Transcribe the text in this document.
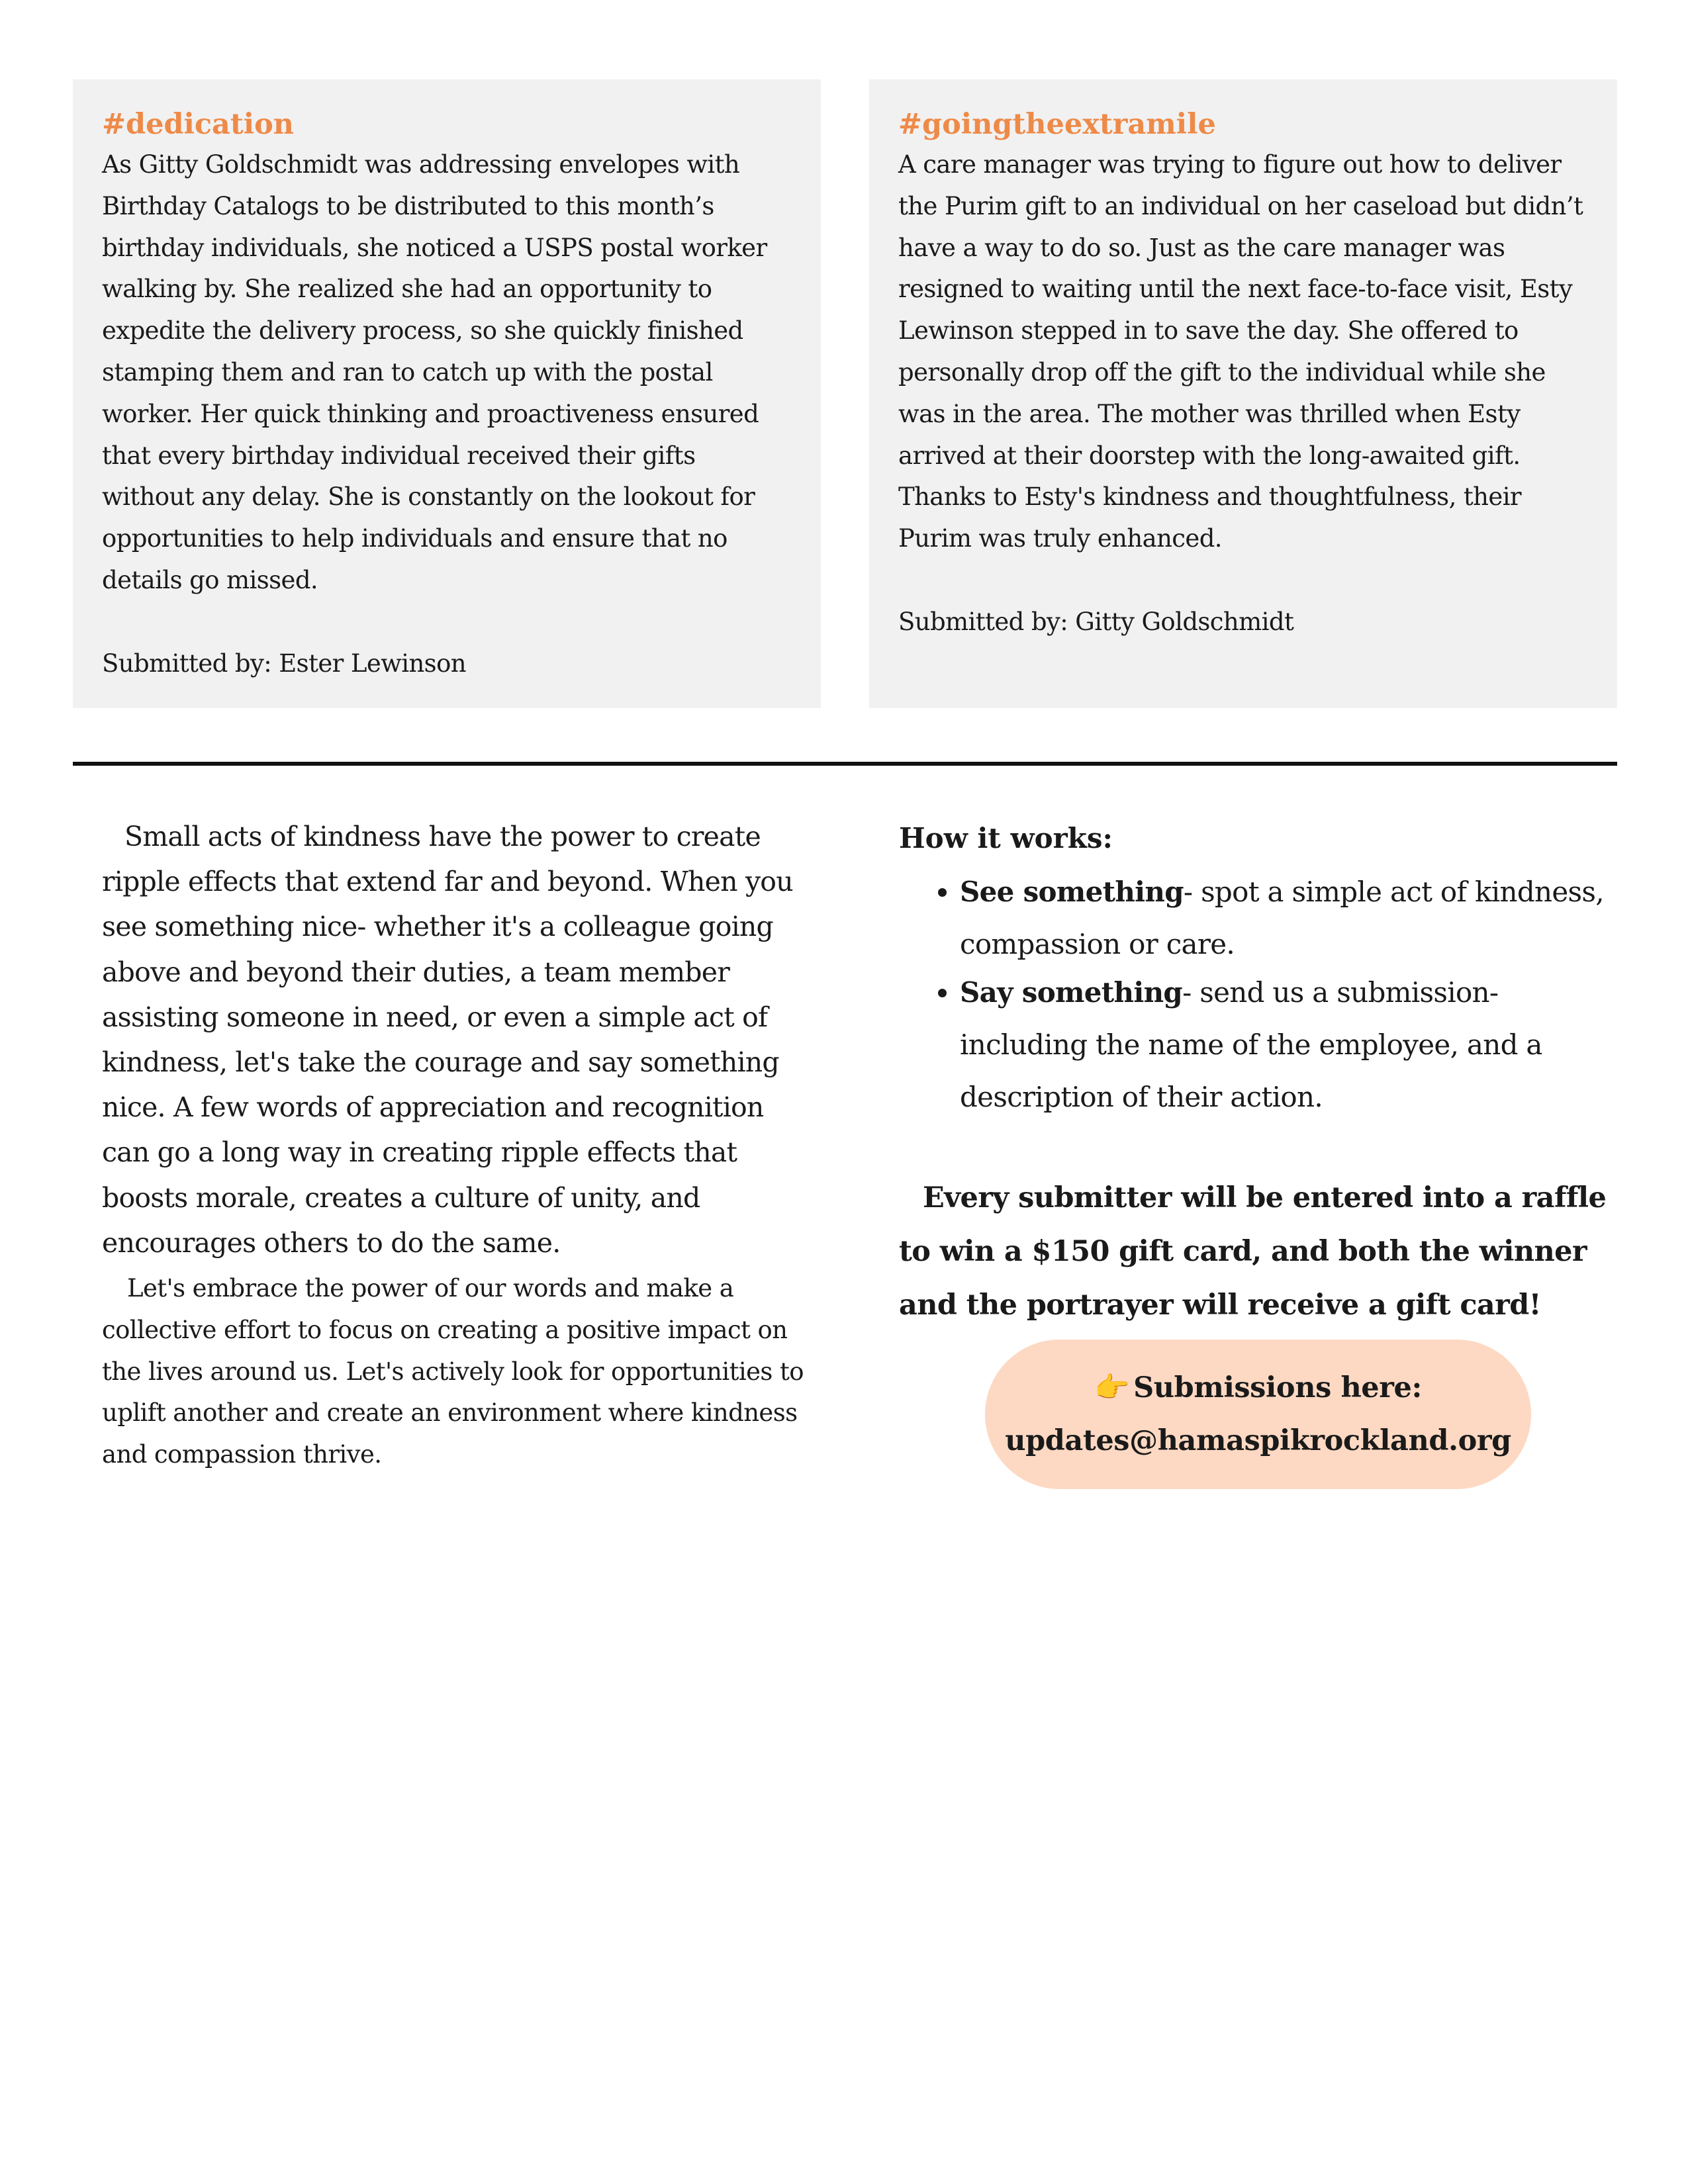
#dedication

As Gitty Goldschmidt was addressing envelopes with Birthday Catalogs to be distributed to this month’s birthday individuals, she noticed a USPS postal worker walking by. She realized she had an opportunity to expedite the delivery process, so she quickly finished stamping them and ran to catch up with the postal worker. Her quick thinking and proactiveness ensured that every birthday individual received their gifts without any delay. She is constantly on the lookout for opportunities to help individuals and ensure that no details go missed.

Submitted by: Ester Lewinson

#goingtheextramile

A care manager was trying to figure out how to deliver the Purim gift to an individual on her caseload but didn’t have a way to do so. Just as the care manager was resigned to waiting until the next face-to-face visit, Esty Lewinson stepped in to save the day. She offered to personally drop off the gift to the individual while she was in the area. The mother was thrilled when Esty arrived at their doorstep with the long-awaited gift. Thanks to Esty's kindness and thoughtfulness, their Purim was truly enhanced.

Submitted by: Gitty Goldschmidt

Small acts of kindness have the power to create ripple effects that extend far and beyond. When you see something nice- whether it's a colleague going above and beyond their duties, a team member assisting someone in need, or even a simple act of kindness, let's take the courage and say something nice. A few words of appreciation and recognition can go a long way in creating ripple effects that boosts morale, creates a culture of unity, and encourages others to do the same.

Let's embrace the power of our words and make a collective effort to focus on creating a positive impact on the lives around us. Let's actively look for opportunities to uplift another and create an environment where kindness and compassion thrive.

How it works:
• See something- spot a simple act of kindness, compassion or care.
• Say something- send us a submission- including the name of the employee, and a description of their action.

Every submitter will be entered into a raffle to win a $150 gift card, and both the winner and the portrayer will receive a gift card!

👉 Submissions here:
updates@hamaspikrockland.org
